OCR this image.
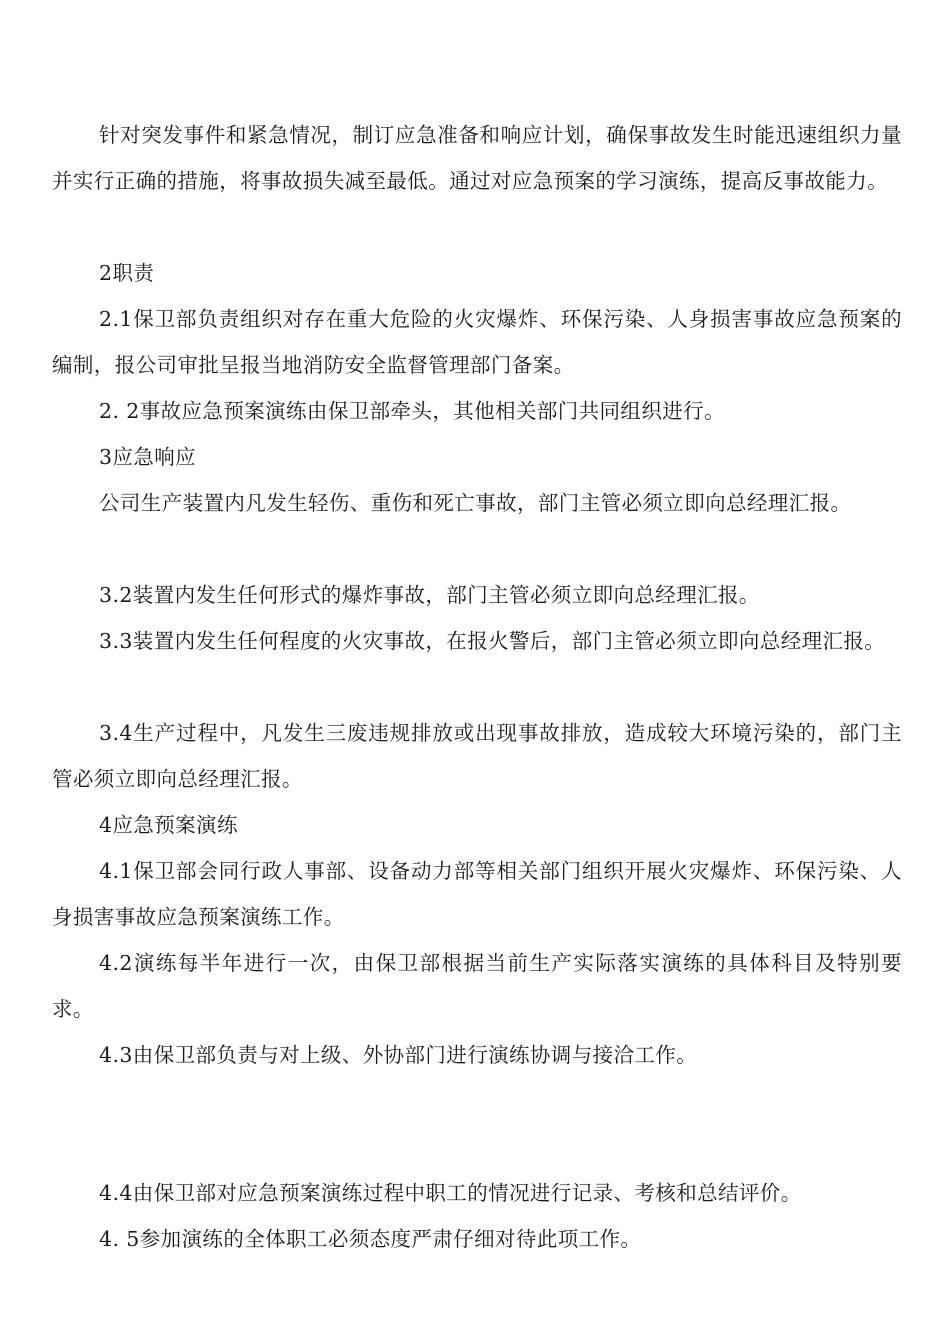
针对突发事件和紧急情况，制订应急准备和响应计划，确保事故发生时能迅速组织力量并实行正确的措施，将事故损失减至最低。通过对应急预案的学习演练，提高反事故能力。

2职责

2.1保卫部负责组织对存在重大危险的火灾爆炸、环保污染、人身损害事故应急预案的编制，报公司审批呈报当地消防安全监督管理部门备案。

2. 2事故应急预案演练由保卫部牵头，其他相关部门共同组织进行。

3应急响应

公司生产装置内凡发生轻伤、重伤和死亡事故，部门主管必须立即向总经理汇报。

3.2装置内发生任何形式的爆炸事故，部门主管必须立即向总经理汇报。

3.3装置内发生任何程度的火灾事故，在报火警后，部门主管必须立即向总经理汇报。

3.4生产过程中，凡发生三废违规排放或出现事故排放，造成较大环境污染的，部门主管必须立即向总经理汇报。

4应急预案演练

4.1保卫部会同行政人事部、设备动力部等相关部门组织开展火灾爆炸、环保污染、人身损害事故应急预案演练工作。

4.2演练每半年进行一次，由保卫部根据当前生产实际落实演练的具体科目及特别要求。

4.3由保卫部负责与对上级、外协部门进行演练协调与接洽工作。

4.4由保卫部对应急预案演练过程中职工的情况进行记录、考核和总结评价。

4. 5参加演练的全体职工必须态度严肃仔细对待此项工作。
